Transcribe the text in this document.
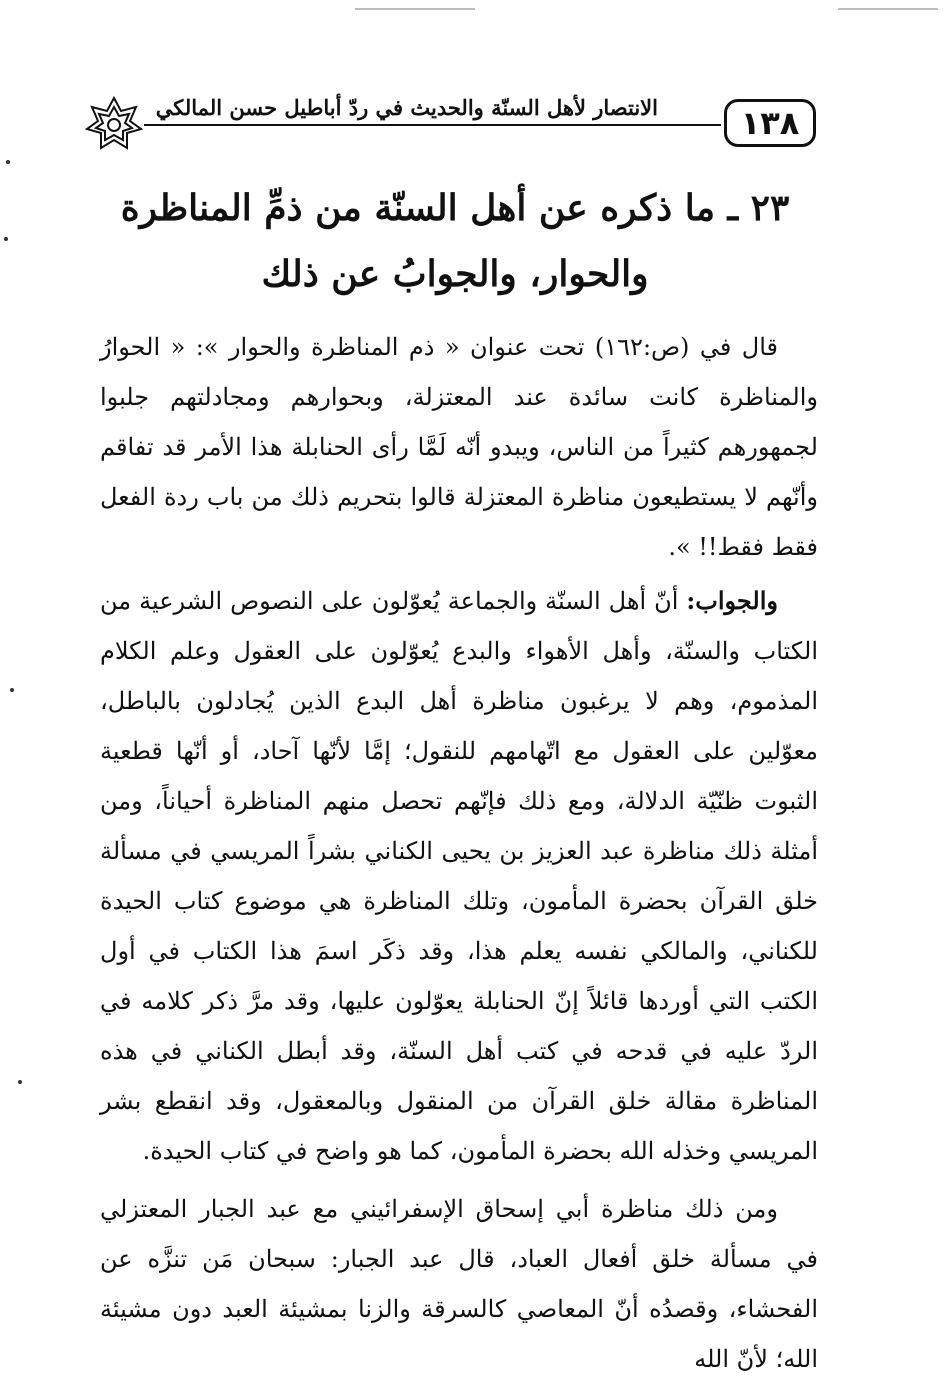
الانتصار لأهل السنّة والحديث في ردّ أباطيل حسن المالكي	١٣٨
٢٣ ـ ما ذكره عن أهل السنّة من ذمِّ المناظرة والحوار، والجوابُ عن ذلك

قال في (ص:١٦٢) تحت عنوان « ذم المناظرة والحوار »: « الحوارُ والمناظرة كانت سائدة عند المعتزلة، وبحوارهم ومجادلتهم جلبوا لجمهورهم كثيراً من الناس، ويبدو أنّه لَمَّا رأى الحنابلة هذا الأمر قد تفاقم وأنّهم لا يستطيعون مناظرة المعتزلة قالوا بتحريم ذلك من باب ردة الفعل فقط فقط!! ».

والجواب: أنّ أهل السنّة والجماعة يُعوّلون على النصوص الشرعية من الكتاب والسنّة، وأهل الأهواء والبدع يُعوّلون على العقول وعلم الكلام المذموم، وهم لا يرغبون مناظرة أهل البدع الذين يُجادلون بالباطل، معوّلين على العقول مع اتّهامهم للنقول؛ إمَّا لأنّها آحاد، أو أنّها قطعية الثبوت ظنّيّة الدلالة، ومع ذلك فإنّهم تحصل منهم المناظرة أحياناً، ومن أمثلة ذلك مناظرة عبد العزيز بن يحيى الكناني بشراً المريسي في مسألة خلق القرآن بحضرة المأمون، وتلك المناظرة هي موضوع كتاب الحيدة للكناني، والمالكي نفسه يعلم هذا، وقد ذكَر اسمَ هذا الكتاب في أول الكتب التي أوردها قائلاً إنّ الحنابلة يعوّلون عليها، وقد مرَّ ذكر كلامه في الردّ عليه في قدحه في كتب أهل السنّة، وقد أبطل الكناني في هذه المناظرة مقالة خلق القرآن من المنقول وبالمعقول، وقد انقطع بشر المريسي وخذله الله بحضرة المأمون، كما هو واضح في كتاب الحيدة.

ومن ذلك مناظرة أبي إسحاق الإسفرائيني مع عبد الجبار المعتزلي في مسألة خلق أفعال العباد، قال عبد الجبار: سبحان مَن تنزَّه عن الفحشاء، وقصدُه أنّ المعاصي كالسرقة والزنا بمشيئة العبد دون مشيئة الله؛ لأنّ الله
